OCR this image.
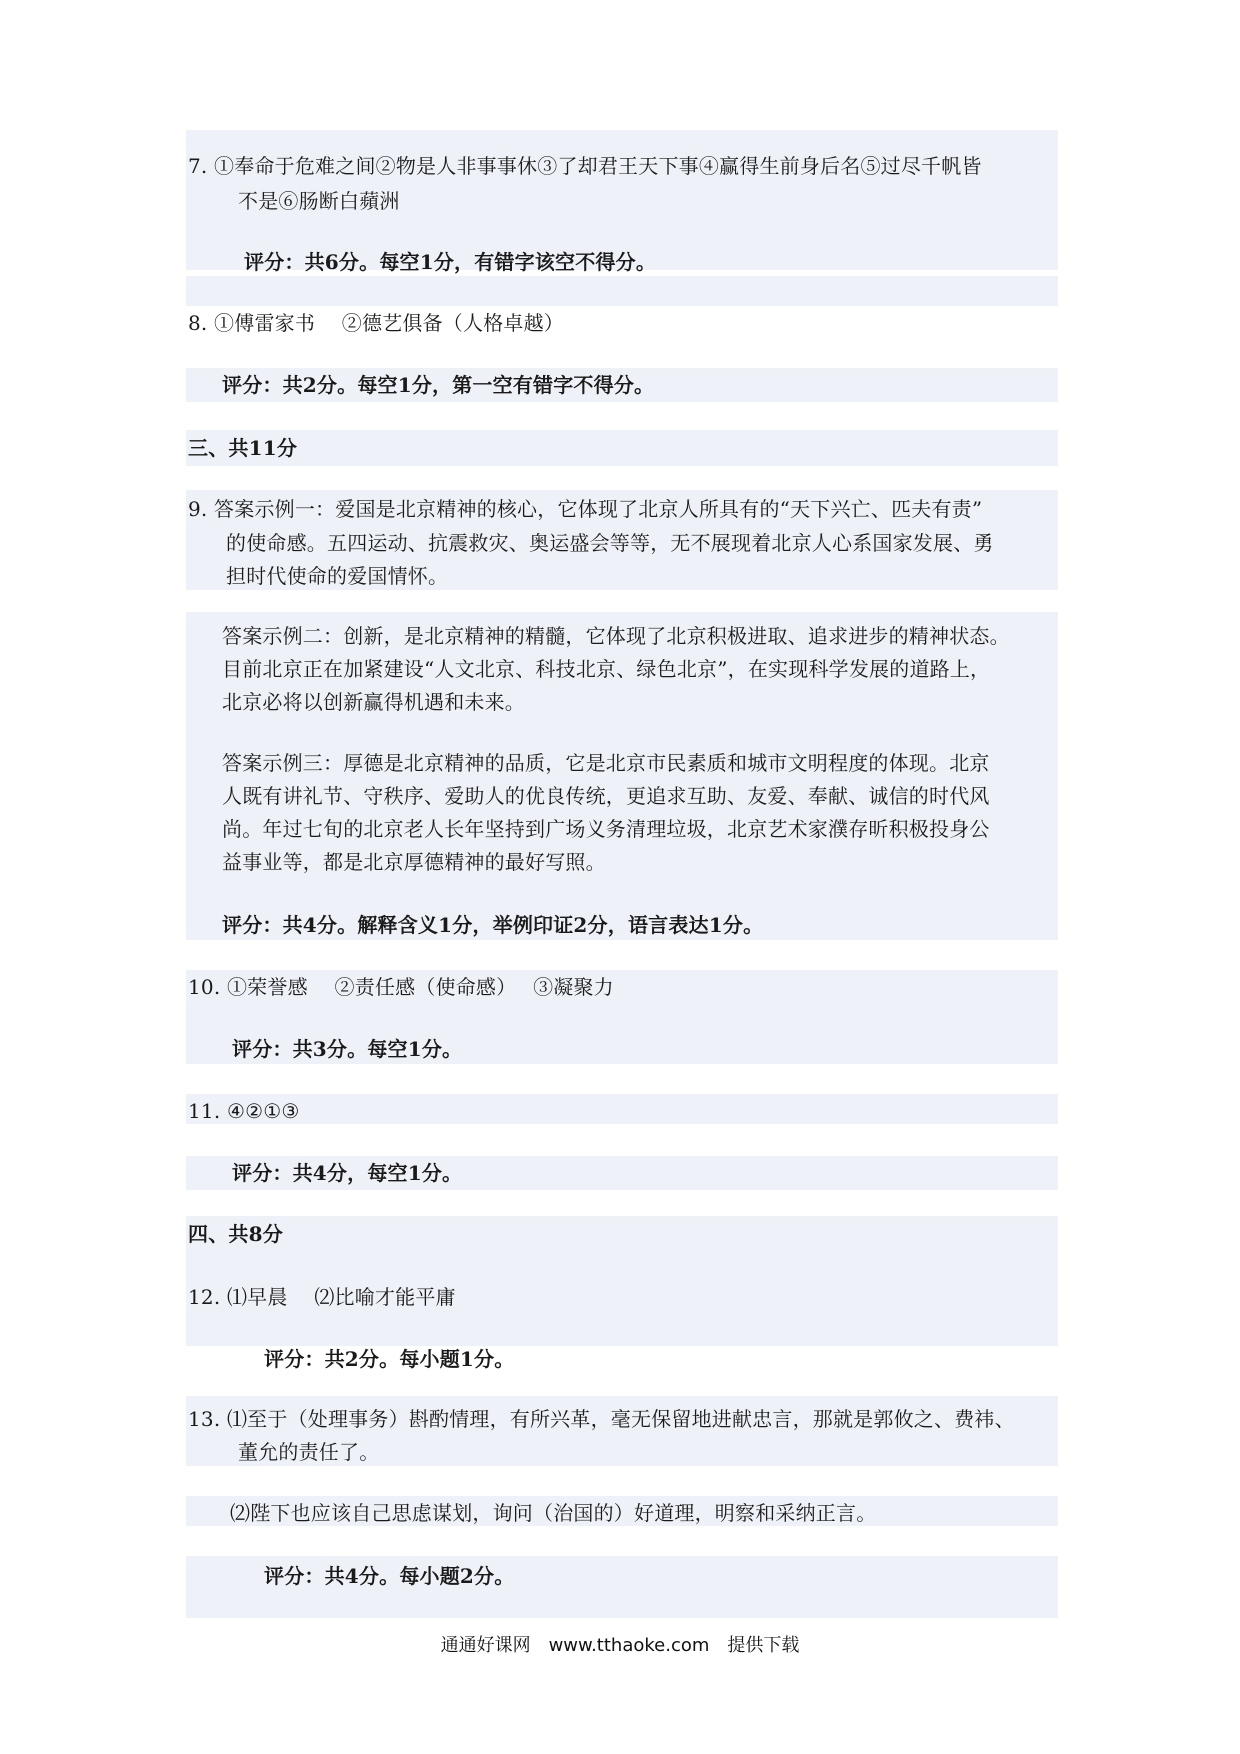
7. ①奉命于危难之间②物是人非事事休③了却君王天下事④赢得生前身后名⑤过尽千帆皆
不是⑥肠断白蘋洲
评分：共6分。每空1分，有错字该空不得分。
8. ①傅雷家书　 ②德艺俱备（人格卓越）
评分：共2分。每空1分，第一空有错字不得分。
三、共11分
9. 答案示例一：爱国是北京精神的核心，它体现了北京人所具有的“天下兴亡、匹夫有责”
的使命感。五四运动、抗震救灾、奥运盛会等等，无不展现着北京人心系国家发展、勇
担时代使命的爱国情怀。
答案示例二：创新，是北京精神的精髓，它体现了北京积极进取、追求进步的精神状态。
目前北京正在加紧建设“人文北京、科技北京、绿色北京”，在实现科学发展的道路上，
北京必将以创新赢得机遇和未来。
答案示例三：厚德是北京精神的品质，它是北京市民素质和城市文明程度的体现。北京
人既有讲礼节、守秩序、爱助人的优良传统，更追求互助、友爱、奉献、诚信的时代风
尚。年过七旬的北京老人长年坚持到广场义务清理垃圾，北京艺术家濮存昕积极投身公
益事业等，都是北京厚德精神的最好写照。
评分：共4分。解释含义1分，举例印证2分，语言表达1分。
10. ①荣誉感　 ②责任感（使命感）　 ③凝聚力
评分：共3分。每空1分。
11. ④②①③
评分：共4分，每空1分。
四、共8分
12. ⑴早晨　 ⑵比喻才能平庸
评分：共2分。每小题1分。
13. ⑴至于（处理事务）斟酌情理，有所兴革，毫无保留地进献忠言，那就是郭攸之、费祎、
董允的责任了。
⑵陛下也应该自己思虑谋划，询问（治国的）好道理，明察和采纳正言。
评分：共4分。每小题2分。
通通好课网　www.tthaoke.com　提供下载
